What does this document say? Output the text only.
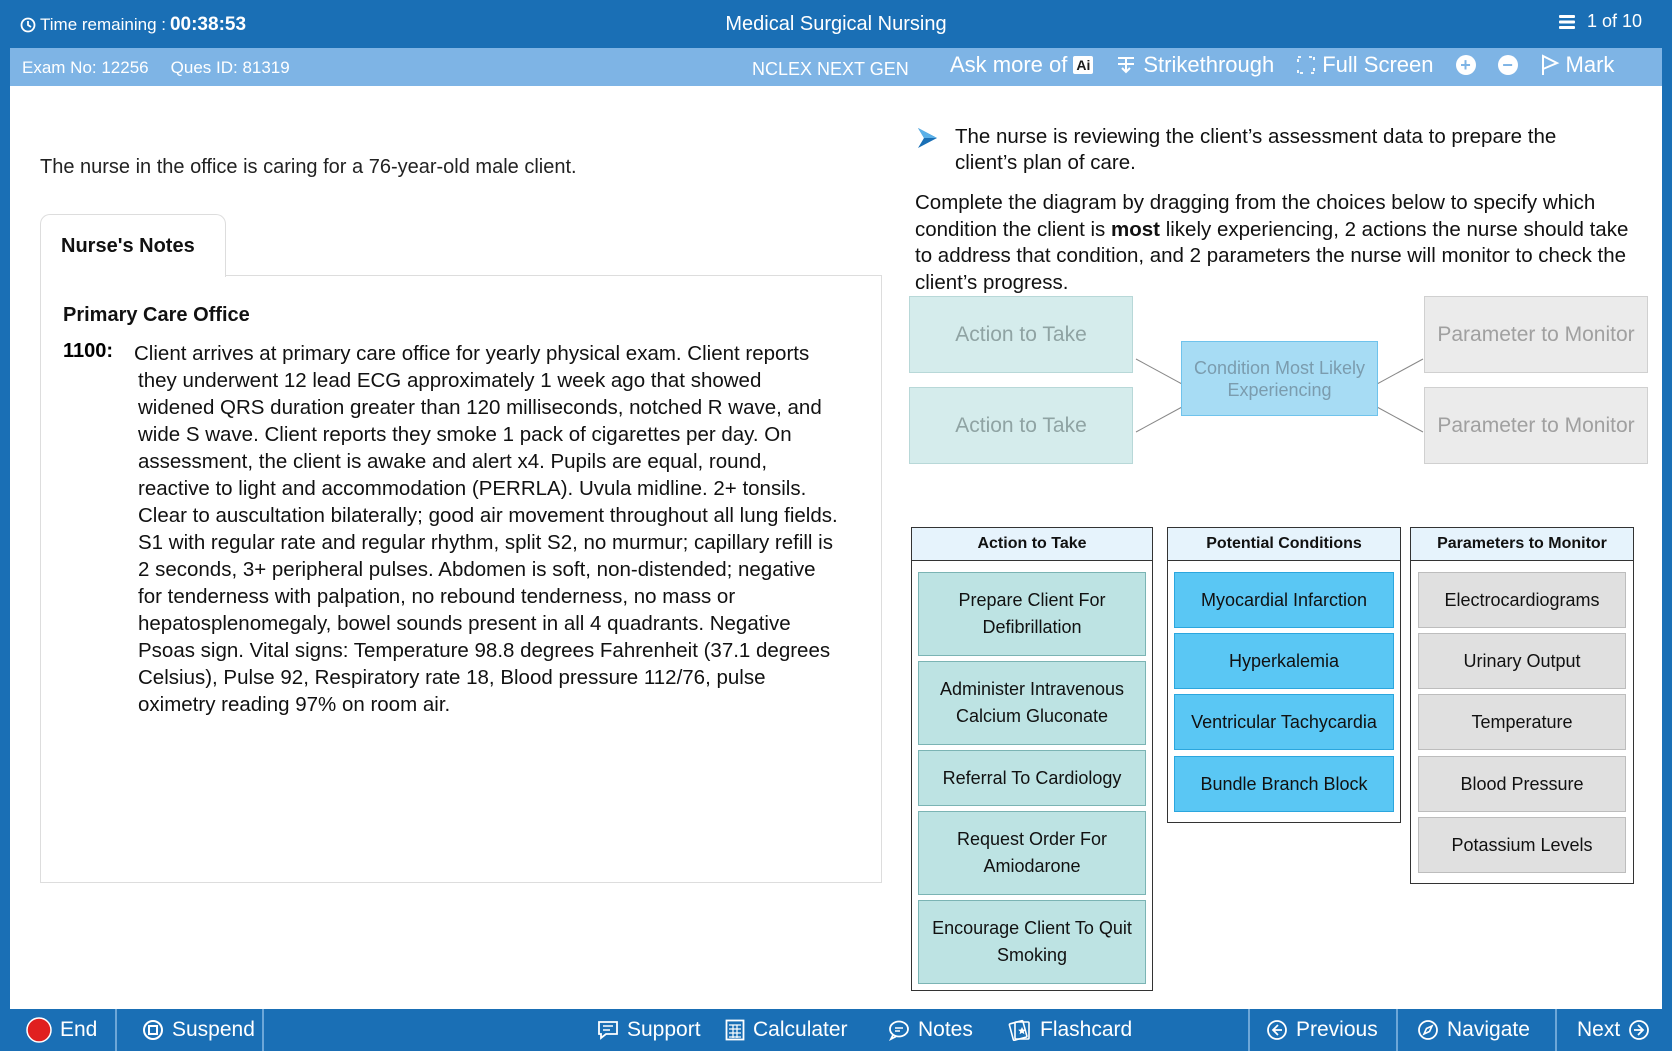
Time remaining : 00:38:53	Medical Surgical Nursing	1 of 10
Exam No: 12256 Ques ID: 81319	NCLEX NEXT GEN Ask more of Ai Strikethrough Full Screen + − Mark
The nurse in the office is caring for a 76-year-old male client.
Nurse's Notes
Primary Care Office
1100: Client arrives at primary care office for yearly physical exam. Client reports they underwent 12 lead ECG approximately 1 week ago that showed widened QRS duration greater than 120 milliseconds, notched R wave, and wide S wave. Client reports they smoke 1 pack of cigarettes per day. On assessment, the client is awake and alert x4. Pupils are equal, round, reactive to light and accommodation (PERRLA). Uvula midline. 2+ tonsils. Clear to auscultation bilaterally; good air movement throughout all lung fields. S1 with regular rate and regular rhythm, split S2, no murmur; capillary refill is 2 seconds, 3+ peripheral pulses. Abdomen is soft, non-distended; negative for tenderness with palpation, no rebound tenderness, no mass or hepatosplenomegaly, bowel sounds present in all 4 quadrants. Negative Psoas sign. Vital signs: Temperature 98.8 degrees Fahrenheit (37.1 degrees Celsius), Pulse 92, Respiratory rate 18, Blood pressure 112/76, pulse oximetry reading 97% on room air.
The nurse is reviewing the client’s assessment data to prepare the client’s plan of care.
Complete the diagram by dragging from the choices below to specify which condition the client is most likely experiencing, 2 actions the nurse should take to address that condition, and 2 parameters the nurse will monitor to check the client’s progress.
Action to Take
Action to Take
Condition Most Likely Experiencing
Parameter to Monitor
Parameter to Monitor
Action to Take
Prepare Client For Defibrillation
Administer Intravenous Calcium Gluconate
Referral To Cardiology
Request Order For Amiodarone
Encourage Client To Quit Smoking
Potential Conditions
Myocardial Infarction
Hyperkalemia
Ventricular Tachycardia
Bundle Branch Block
Parameters to Monitor
Electrocardiograms
Urinary Output
Temperature
Blood Pressure
Potassium Levels
End	Suspend	Support Calculater	Notes	Flashcard	Previous	Navigate Next
